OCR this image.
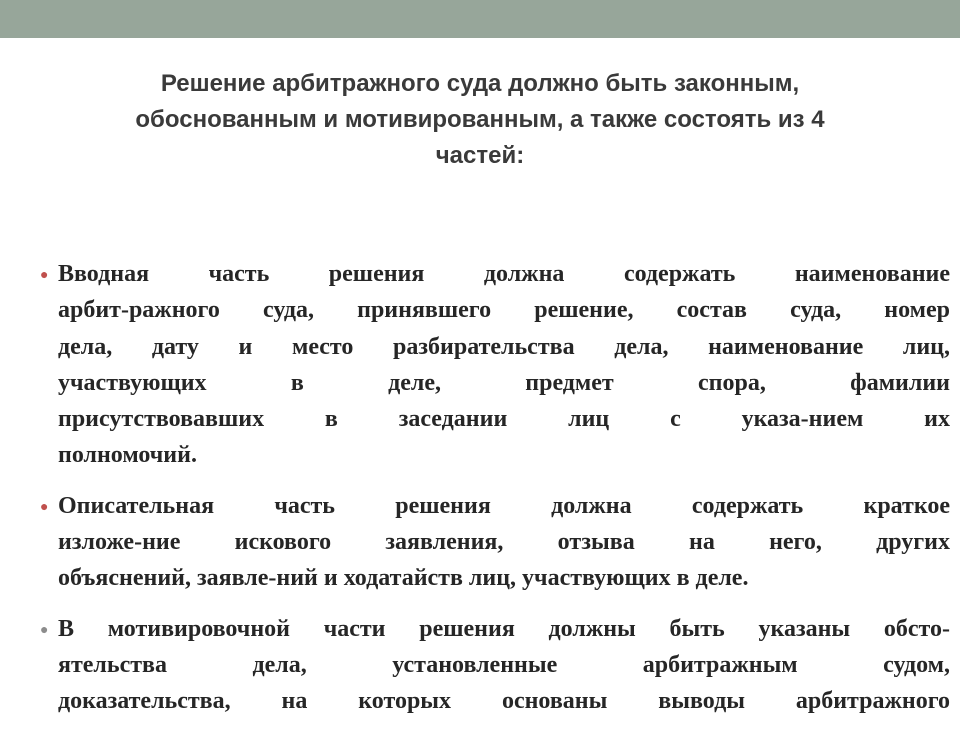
Решение арбитражного суда должно быть законным,
обоснованным и мотивированным, а также состоять из 4
частей:
● Вводная часть решения должна содержать наименование
арбит-ражного суда, принявшего решение, состав суда, номер
дела, дату и место разбирательства дела, наименование лиц,
участвующих в деле, предмет спора, фамилии
присутствовавших в заседании лиц с указа-нием их
полномочий.
● Описательная часть решения должна содержать краткое
изложе-ние искового заявления, отзыва на него, других
объяснений, заявле-ний и ходатайств лиц, участвующих в деле.
● В мотивировочной части решения должны быть указаны обсто-
ятельства дела, установленные арбитражным судом,
доказательства, на которых основаны выводы арбитражного
